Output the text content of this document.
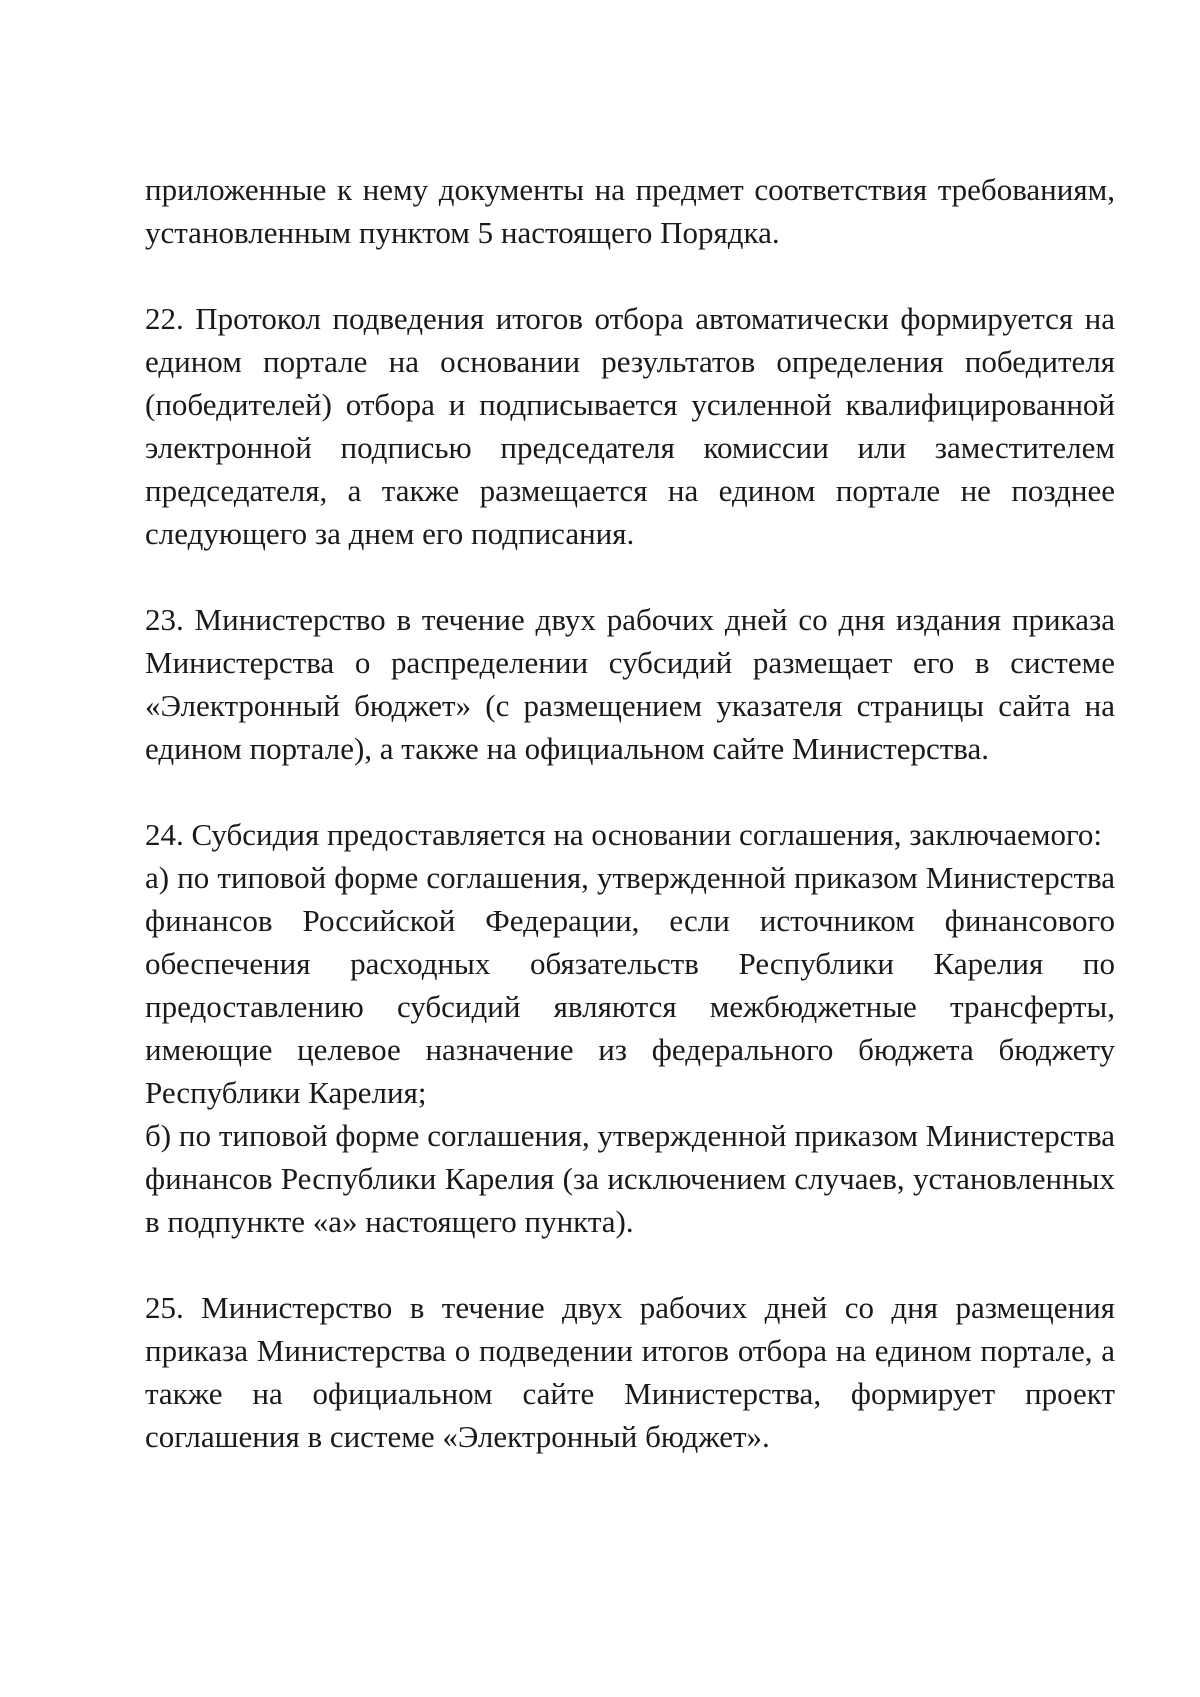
приложенные к нему документы на предмет соответствия требованиям, установленным пунктом 5 настоящего Порядка.

22. Протокол подведения итогов отбора автоматически формируется на едином портале на основании результатов определения победителя (победителей) отбора и подписывается усиленной квалифицированной электронной подписью председателя комиссии или заместителем председателя, а также размещается на едином портале не позднее следующего за днем его подписания.

23. Министерство в течение двух рабочих дней со дня издания приказа Министерства о распределении субсидий размещает его в системе «Электронный бюджет» (с размещением указателя страницы сайта на едином портале), а также на официальном сайте Министерства.

24. Субсидия предоставляется на основании соглашения, заключаемого:

а) по типовой форме соглашения, утвержденной приказом Министерства финансов Российской Федерации, если источником финансового обеспечения расходных обязательств Республики Карелия по предоставлению субсидий являются межбюджетные трансферты, имеющие целевое назначение из федерального бюджета бюджету Республики Карелия;

б) по типовой форме соглашения, утвержденной приказом Министерства финансов Республики Карелия (за исключением случаев, установленных в подпункте «а» настоящего пункта).

25. Министерство в течение двух рабочих дней со дня размещения приказа Министерства о подведении итогов отбора на едином портале, а также на официальном сайте Министерства, формирует проект соглашения в системе «Электронный бюджет».
